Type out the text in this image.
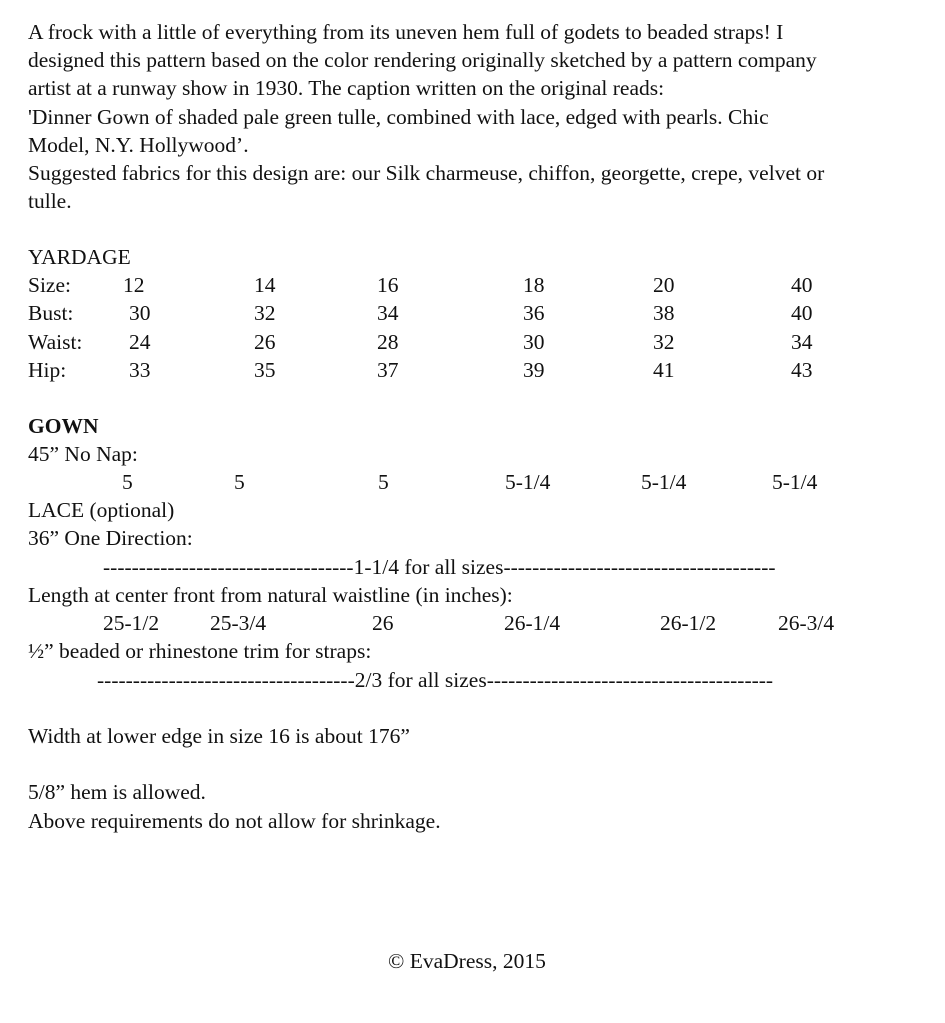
A frock with a little of everything from its uneven hem full of godets to beaded straps! I

designed this pattern based on the color rendering originally sketched by a pattern company

artist at a runway show in 1930. The caption written on the original reads:

'Dinner Gown of shaded pale green tulle, combined with lace, edged with pearls. Chic

Model, N.Y. Hollywood’.

Suggested fabrics for this design are: our Silk charmeuse, chiffon, georgette, crepe, velvet or

tulle.

YARDAGE

Size: 12	14	16	18	20	40
Bust:	30	32	34	36	38	40
Waist: 24	26	28	30	32	34
Hip:	33	35	37	39	41	43

GOWN

45” No Nap:

5	5	5	5-1/4	5-1/4	5-1/4

LACE (optional)

36” One Direction:

-----------------------------------1-1/4 for all sizes--------------------------------------

Length at center front from natural waistline (in inches):

25-1/2 25-3/4	26	26-1/4	26-1/2	26-3/4

½” beaded or rhinestone trim for straps:

------------------------------------2/3 for all sizes----------------------------------------

Width at lower edge in size 16 is about 176”

5/8” hem is allowed.

Above requirements do not allow for shrinkage.

© EvaDress, 2015
